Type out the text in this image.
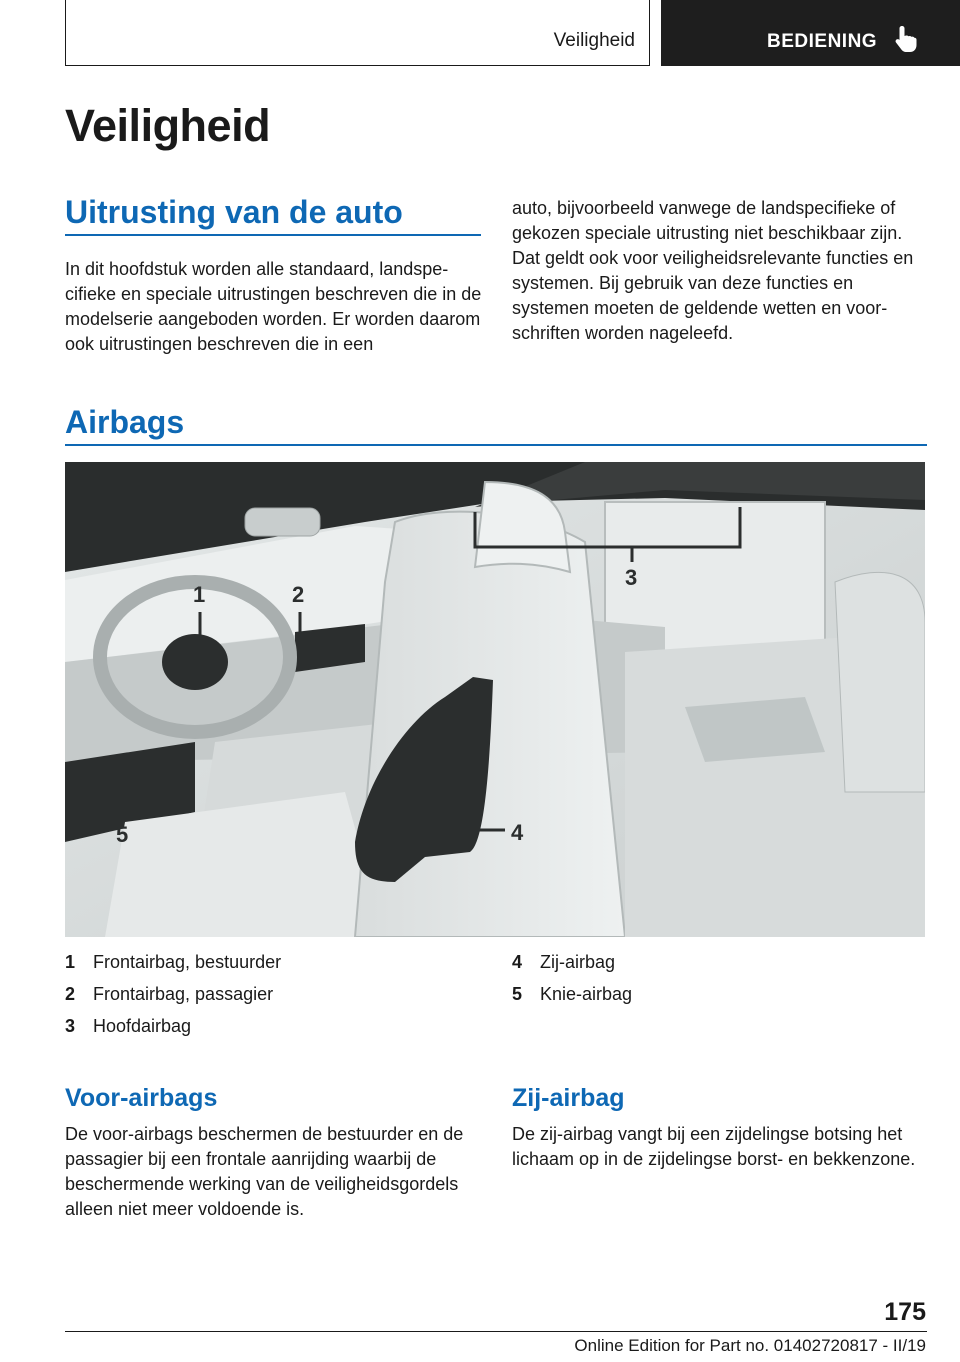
Veiligheid	BEDIENING
Veiligheid
Uitrusting van de auto

In dit hoofdstuk worden alle standaard, landspecifieke en speciale uitrustingen beschreven die in de modelserie aangeboden worden. Er worden daarom ook uitrustingen beschreven die in een

auto, bijvoorbeeld vanwege de landspecifieke of gekozen speciale uitrusting niet beschikbaar zijn. Dat geldt ook voor veiligheidsrelevante functies en systemen. Bij gebruik van deze functies en systemen moeten de geldende wetten en voorschriften worden nageleefd.

Airbags
1	2
3
4
5
1 Frontairbag, bestuurder
2 Frontairbag, passagier
3 Hoofdairbag
4 Zij-airbag
5 Knie-airbag
Voor-airbags

De voor-airbags beschermen de bestuurder en de passagier bij een frontale aanrijding waarbij de beschermende werking van de veiligheidsgordels alleen niet meer voldoende is.

Zij-airbag

De zij-airbag vangt bij een zijdelingse botsing het lichaam op in de zijdelingse borst- en bekkenzone.

175
Online Edition for Part no. 01402720817 - II/19
